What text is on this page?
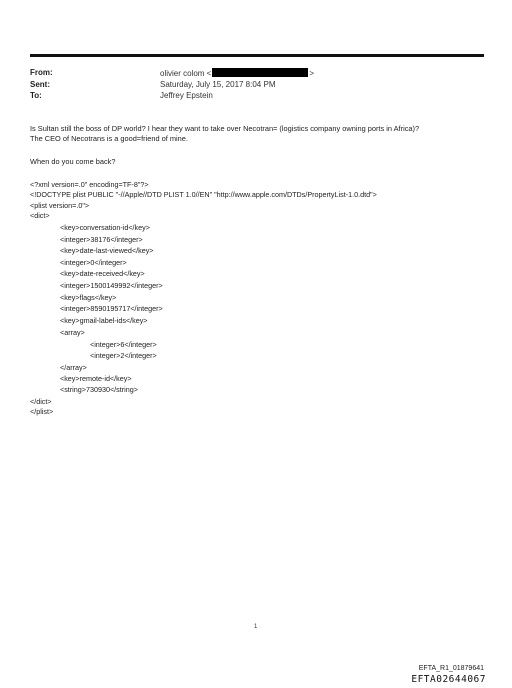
From:	olivier colom <	>
Sent:	Saturday, July 15, 2017 8:04 PM
To:	Jeffrey Epstein
Is Sultan still the boss of DP world? I hear they want to take over Necotran= (logistics company owning ports in Africa)?
The CEO of Necotrans is a good=friend of mine.
When do you come back?
<?xml version=.0" encoding=TF-8"?>
<!DOCTYPE plist PUBLIC "-//Apple//DTD PLIST 1.0//EN" "http://www.apple.com/DTDs/PropertyList-1.0.dtd">
<plist version=.0">
<dict>
<key>conversation-id</key>
<integer>38176</integer>
<key>date-last-viewed</key>
<integer>0</integer>
<key>date-received</key>
<integer>1500149992</integer>
<key>flags</key>
<integer>8590195717</integer>
<key>gmail-label-ids</key>
<array>
<integer>6</integer>
<integer>2</integer>
</array>
<key>remote-id</key>
<string>730930</string>
</dict>
</plist>
1
EFTA_R1_01879641
EFTA02644067
